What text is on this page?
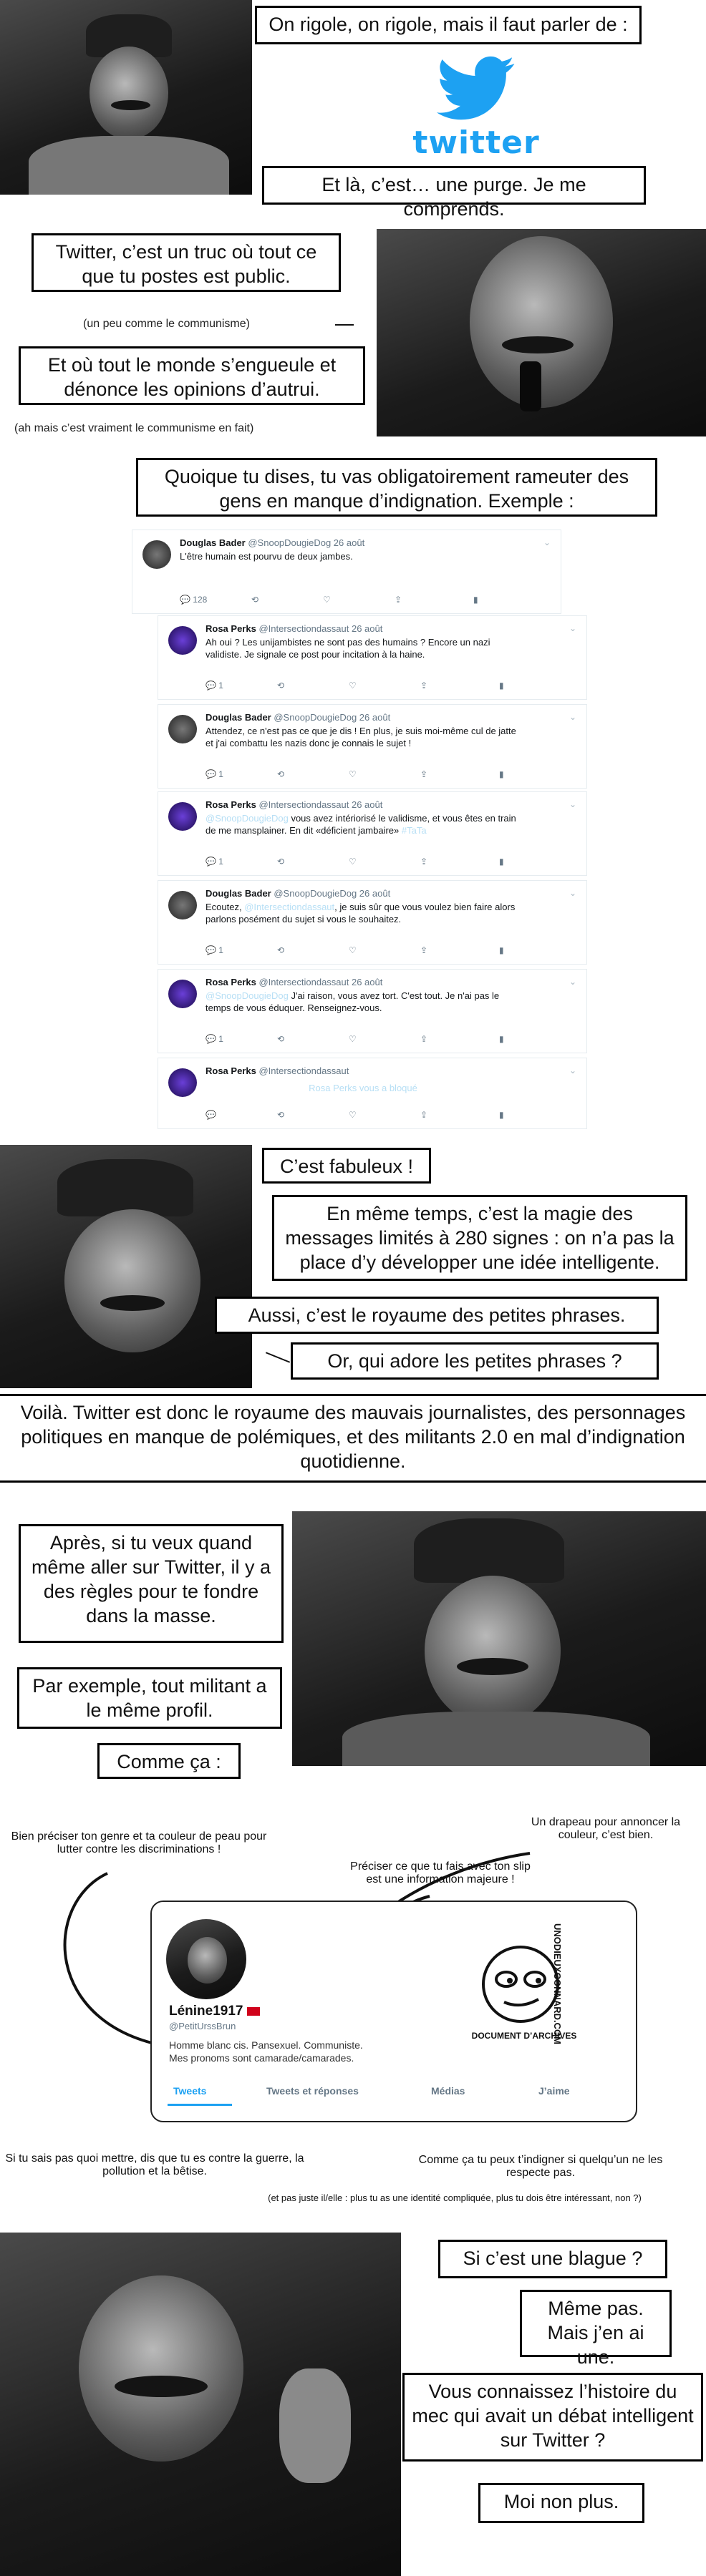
On rigole, on rigole, mais il faut parler de :
twitter
Et là, c’est… une purge. Je me comprends.
Twitter, c’est un truc où tout ce que tu postes est public.
(un peu comme le communisme)
Et où tout le monde s’engueule et dénonce les opinions d’autrui.
(ah mais c’est vraiment le communisme en fait)
Quoique tu dises, tu vas obligatoirement rameuter des gens en manque d’indignation. Exemple :
Douglas Bader @SnoopDougieDog 26 août	⌄
L'être humain est pourvu de deux jambes.
💬 128	⟲	♡	⇪	▮
Rosa Perks @Intersectiondassaut 26 août	⌄
Ah oui ? Les unijambistes ne sont pas des humains ? Encore un nazi validiste. Je signale ce post pour incitation à la haine.
💬 1	⟲	♡	⇪	▮
Douglas Bader @SnoopDougieDog 26 août	⌄
Attendez, ce n'est pas ce que je dis ! En plus, je suis moi-même cul de jatte et j'ai combattu les nazis donc je connais le sujet !
💬 1	⟲	♡	⇪	▮
Rosa Perks @Intersectiondassaut 26 août	⌄
@SnoopDougieDog vous avez intériorisé le validisme, et vous êtes en train de me mansplainer. En dit «déficient jambaire» #TaTa
💬 1	⟲	♡	⇪	▮
Douglas Bader @SnoopDougieDog 26 août	⌄
Ecoutez, @Intersectiondassaut, je suis sûr que vous voulez bien faire alors parlons posément du sujet si vous le souhaitez.
💬 1	⟲	♡	⇪	▮
Rosa Perks @Intersectiondassaut 26 août	⌄
@SnoopDougieDog J'ai raison, vous avez tort. C'est tout. Je n'ai pas le temps de vous éduquer. Renseignez-vous.
💬 1	⟲	♡	⇪	▮
Rosa Perks @Intersectiondassaut	⌄
Rosa Perks vous a bloqué
💬	⟲	♡	⇪	▮
C’est fabuleux !
En même temps, c’est la magie des messages limités à 280 signes : on n’a pas la place d’y développer une idée intelligente.
Aussi, c’est le royaume des petites phrases.
Or, qui adore les petites phrases ?
Voilà. Twitter est donc le royaume des mauvais journalistes, des personnages politiques en manque de polémiques, et des militants 2.0 en mal d’indignation quotidienne.
Après, si tu veux quand même aller sur Twitter, il y a des règles pour te fondre dans la masse.
Par exemple, tout militant a le même profil.
Comme ça :
Bien préciser ton genre et ta couleur de peau pour lutter contre les discriminations !
Un drapeau pour annoncer la couleur, c’est bien.
Préciser ce que tu fais avec ton slip est une information majeure !
Lénine1917
@PetitUrssBrun
Homme blanc cis. Pansexuel. Communiste.
Mes pronoms sont camarade/camarades.
Tweets	Tweets et réponses	Médias	J’aime
UNODIEUXCONNARD.COM
DOCUMENT D’ARCHIVES
Si tu sais pas quoi mettre, dis que tu es contre la guerre, la pollution et la bêtise.
Comme ça tu peux t’indigner si quelqu’un ne les respecte pas.
(et pas juste il/elle : plus tu as une identité compliquée, plus tu dois être intéressant, non ?)
Si c’est une blague ?
Même pas. Mais j’en ai une.
Vous connaissez l’histoire du mec qui avait un débat intelligent sur Twitter ?
Moi non plus.
